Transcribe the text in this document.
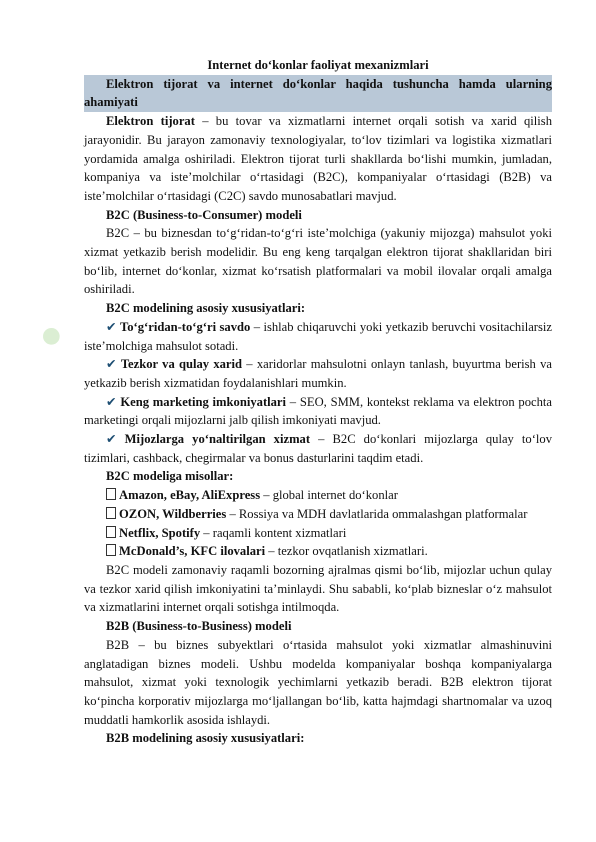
•

Internet do‘konlar faoliyat mexanizmlari

Elektron tijorat va internet do‘konlar haqida tushuncha hamda ularning ahamiyati

Elektron tijorat – bu tovar va xizmatlarni internet orqali sotish va xarid qilish jarayonidir. Bu jarayon zamonaviy texnologiyalar, to‘lov tizimlari va logistika xizmatlari yordamida amalga oshiriladi. Elektron tijorat turli shakllarda bo‘lishi mumkin, jumladan, kompaniya va iste’molchilar o‘rtasidagi (B2C), kompaniyalar o‘rtasidagi (B2B) va iste’molchilar o‘rtasidagi (C2C) savdo munosabatlari mavjud.

B2C (Business-to-Consumer) modeli

B2C – bu biznesdan to‘g‘ridan-to‘g‘ri iste’molchiga (yakuniy mijozga) mahsulot yoki xizmat yetkazib berish modelidir. Bu eng keng tarqalgan elektron tijorat shakllaridan biri bo‘lib, internet do‘konlar, xizmat ko‘rsatish platformalari va mobil ilovalar orqali amalga oshiriladi.

B2C modelining asosiy xususiyatlari:

✔ To‘g‘ridan-to‘g‘ri savdo – ishlab chiqaruvchi yoki yetkazib beruvchi vositachilarsiz iste’molchiga mahsulot sotadi.

✔ Tezkor va qulay xarid – xaridorlar mahsulotni onlayn tanlash, buyurtma berish va yetkazib berish xizmatidan foydalanishlari mumkin.

✔ Keng marketing imkoniyatlari – SEO, SMM, kontekst reklama va elektron pochta marketingi orqali mijozlarni jalb qilish imkoniyati mavjud.

✔ Mijozlarga yo‘naltirilgan xizmat – B2C do‘konlari mijozlarga qulay to‘lov tizimlari, cashback, chegirmalar va bonus dasturlarini taqdim etadi.

B2C modeliga misollar:

Amazon, eBay, AliExpress – global internet do‘konlar

OZON, Wildberries – Rossiya va MDH davlatlarida ommalashgan platformalar

Netflix, Spotify – raqamli kontent xizmatlari

McDonald’s, KFC ilovalari – tezkor ovqatlanish xizmatlari.

B2C modeli zamonaviy raqamli bozorning ajralmas qismi bo‘lib, mijozlar uchun qulay va tezkor xarid qilish imkoniyatini ta’minlaydi. Shu sababli, ko‘plab bizneslar o‘z mahsulot va xizmatlarini internet orqali sotishga intilmoqda.

B2B (Business-to-Business) modeli

B2B – bu biznes subyektlari o‘rtasida mahsulot yoki xizmatlar almashinuvini anglatadigan biznes modeli. Ushbu modelda kompaniyalar boshqa kompaniyalarga mahsulot, xizmat yoki texnologik yechimlarni yetkazib beradi. B2B elektron tijorat ko‘pincha korporativ mijozlarga mo‘ljallangan bo‘lib, katta hajmdagi shartnomalar va uzoq muddatli hamkorlik asosida ishlaydi.

B2B modelining asosiy xususiyatlari:
